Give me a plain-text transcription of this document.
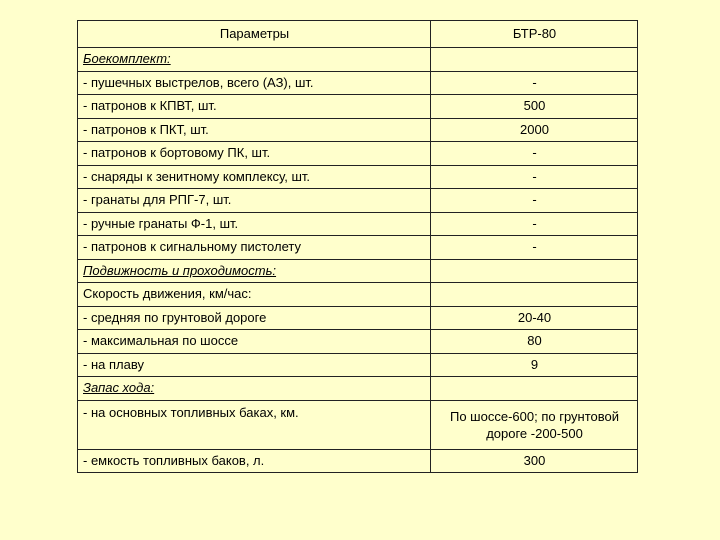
Параметры	БТР-80
Боекомплект:	
- пушечных выстрелов, всего (АЗ), шт.	-
- патронов к КПВТ, шт.	500
- патронов к ПКТ, шт.	2000
- патронов к бортовому ПК, шт.	-
- снаряды к зенитному комплексу, шт.	-
- гранаты для РПГ-7, шт.	-
- ручные гранаты Ф-1, шт.	-
- патронов к сигнальному пистолету	-
Подвижность и проходимость:	
Скорость движения, км/час:	
- средняя по грунтовой дороге	20-40
- максимальная по шоссе	80
- на плаву	9
Запас хода:	
- на основных топливных баках, км.	По шоссе-600; по грунтовой дороге -200-500
- емкость топливных баков, л.	300
